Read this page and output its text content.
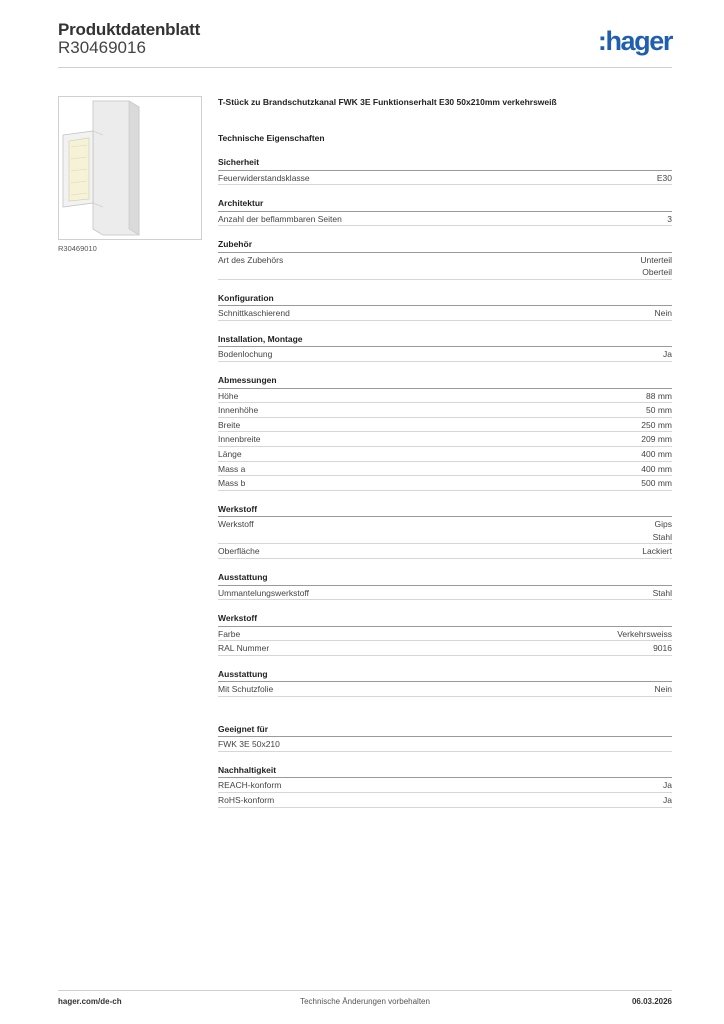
Produktdatenblatt
R30469016	:hager
R30469010
T-Stück zu Brandschutzkanal FWK 3E Funktionserhalt E30 50x210mm verkehrsweiß
Technische Eigenschaften
Sicherheit
Feuerwiderstandsklasse	E30
Architektur
Anzahl der beflammbaren Seiten	3
Zubehör
Art des Zubehörs	Unterteil
Oberteil
Konfiguration
Schnittkaschierend	Nein
Installation, Montage
Bodenlochung	Ja
Abmessungen
Höhe	88 mm
Innenhöhe	50 mm
Breite	250 mm
Innenbreite	209 mm
Länge	400 mm
Mass a	400 mm
Mass b	500 mm
Werkstoff
Werkstoff	Gips
Stahl
Oberfläche	Lackiert
Ausstattung
Ummantelungswerkstoff	Stahl
Werkstoff
Farbe	Verkehrsweiss
RAL Nummer	9016
Ausstattung
Mit Schutzfolie	Nein
Geeignet für
FWK 3E 50x210
Nachhaltigkeit
REACH-konform	Ja
RoHS-konform	Ja
hager.com/de-ch	Technische Änderungen vorbehalten	06.03.2026
